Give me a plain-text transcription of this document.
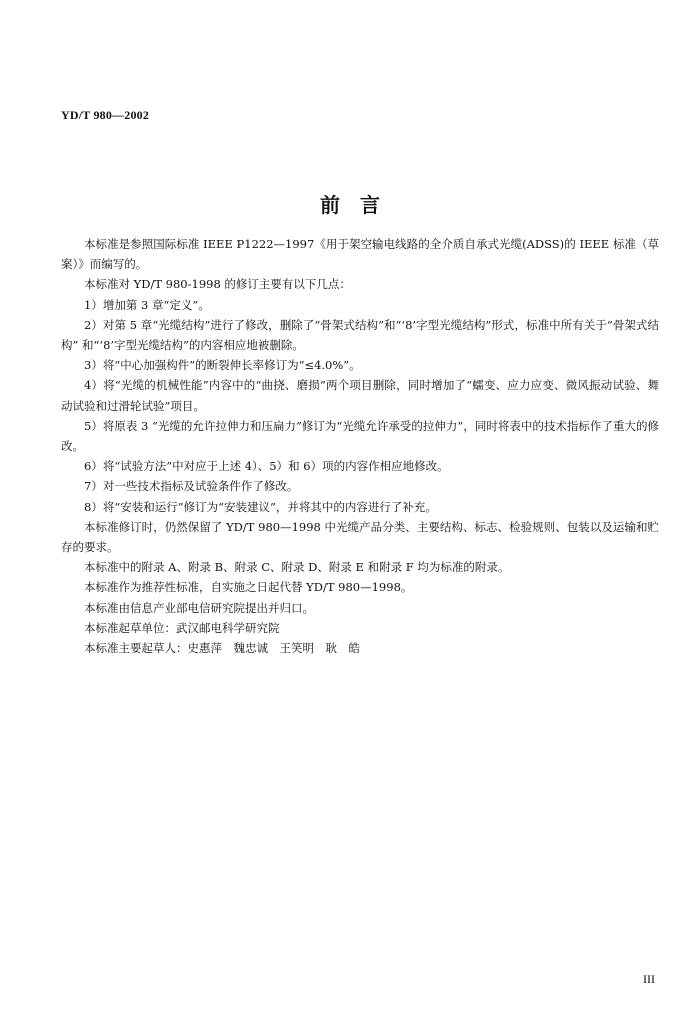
YD/T 980—2002
前　言

本标准是参照国际标准 IEEE P1222—1997《用于架空输电线路的全介质自承式光缆(ADSS)的 IEEE 标准（草案）》而编写的。

本标准对 YD/T 980-1998 的修订主要有以下几点：

1）增加第 3 章“定义”。

2）对第 5 章“光缆结构”进行了修改，删除了“骨架式结构”和“‘8’字型光缆结构”形式，标准中所有关于“骨架式结构” 和“‘8’字型光缆结构”的内容相应地被删除。

3）将“中心加强构件”的断裂伸长率修订为“≤4.0%”。

4）将“光缆的机械性能”内容中的“曲挠、磨损”两个项目删除，同时增加了“蠕变、应力应变、微风振动试验、舞动试验和过滑轮试验”项目。

5）将原表 3 “光缆的允许拉伸力和压扁力”修订为“光缆允许承受的拉伸力”，同时将表中的技术指标作了重大的修改。

6）将“试验方法”中对应于上述 4）、5）和 6）项的内容作相应地修改。

7）对一些技术指标及试验条件作了修改。

8）将“安装和运行”修订为“安装建议”，并将其中的内容进行了补充。

本标准修订时，仍然保留了 YD/T 980—1998 中光缆产品分类、主要结构、标志、检验规则、包装以及运输和贮存的要求。

本标准中的附录 A、附录 B、附录 C、附录 D、附录 E 和附录 F 均为标准的附录。

本标准作为推荐性标准，自实施之日起代替 YD/T 980—1998。

本标准由信息产业部电信研究院提出并归口。

本标准起草单位：武汉邮电科学研究院

本标准主要起草人：史惠萍　魏忠诚　王笑明　耿　皓

III
